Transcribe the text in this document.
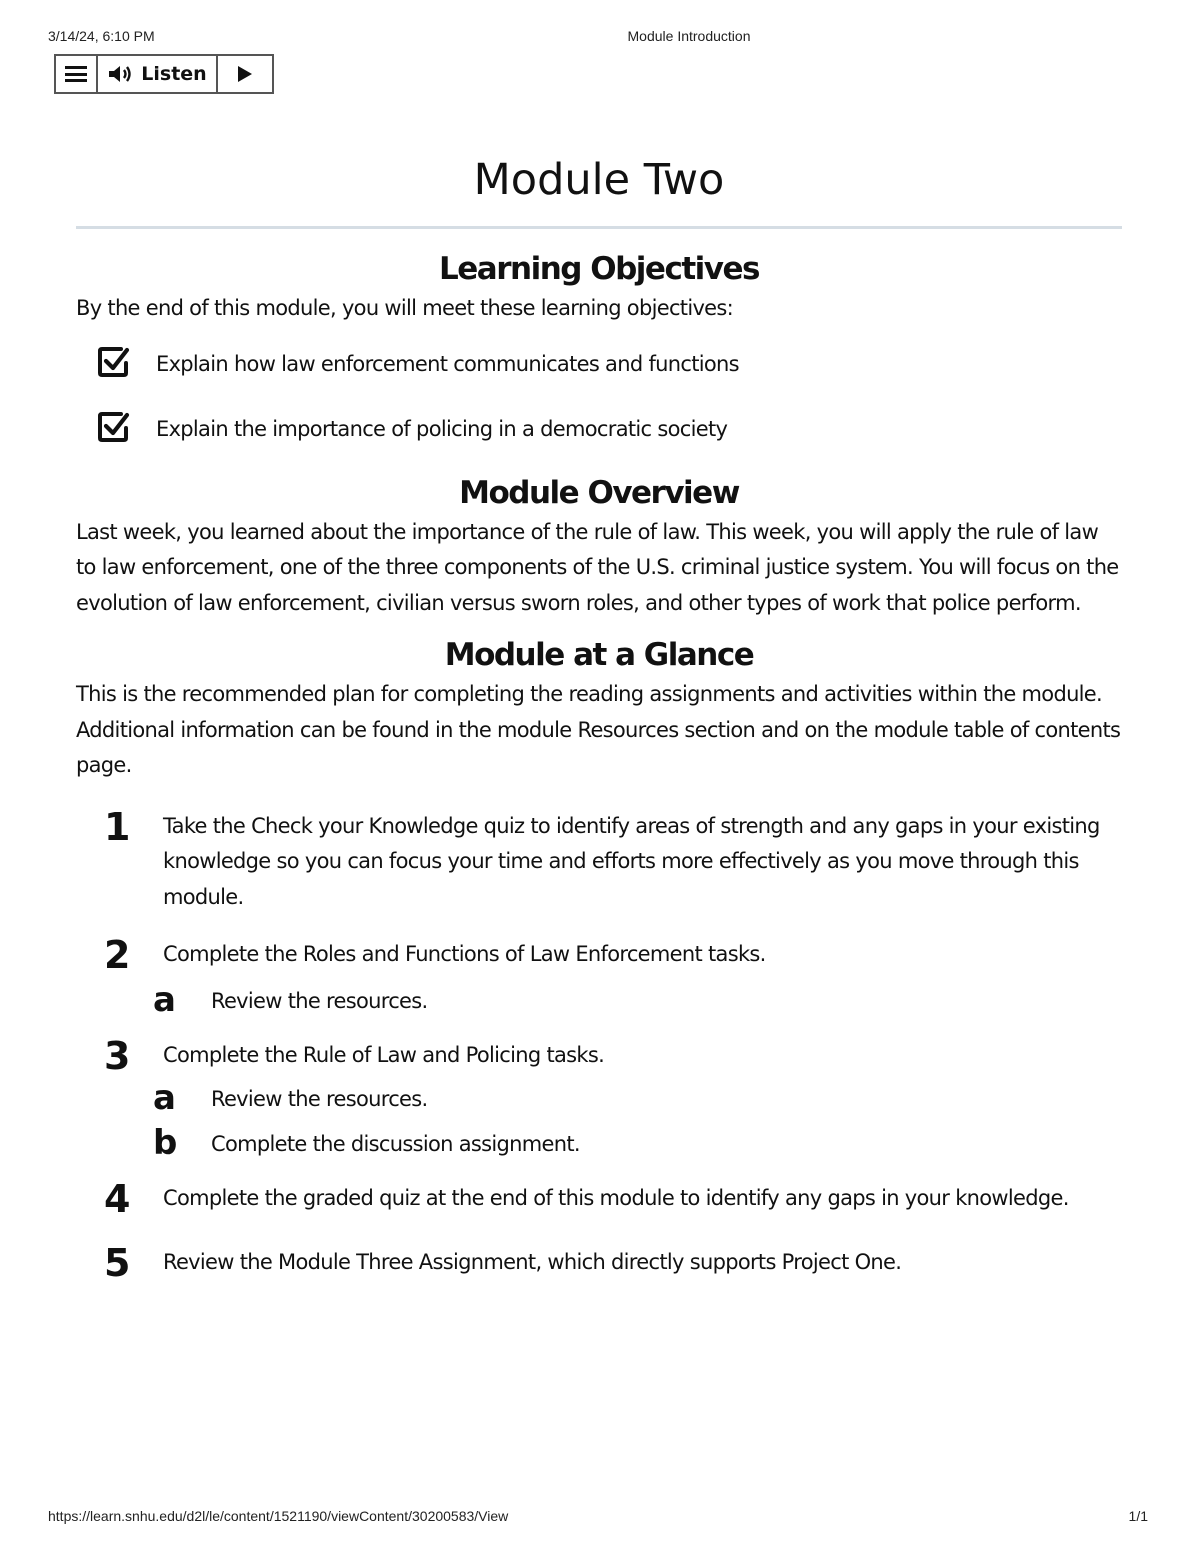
3/14/24, 6:10 PM	Module Introduction
Listen
Module Two
Learning Objectives

By the end of this module, you will meet these learning objectives:

Explain how law enforcement communicates and functions
Explain the importance of policing in a democratic society
Module Overview

Last week, you learned about the importance of the rule of law. This week, you will apply the rule of law to law enforcement, one of the three components of the U.S. criminal justice system. You will focus on the evolution of law enforcement, civilian versus sworn roles, and other types of work that police perform.

Module at a Glance

This is the recommended plan for completing the reading assignments and activities within the module. Additional information can be found in the module Resources section and on the module table of contents page.

1 Take the Check your Knowledge quiz to identify areas of strength and any gaps in your existing knowledge so you can focus your time and efforts more effectively as you move through this module.
2 Complete the Roles and Functions of Law Enforcement tasks.
a Review the resources.
3 Complete the Rule of Law and Policing tasks.
a Review the resources.
b Complete the discussion assignment.
4 Complete the graded quiz at the end of this module to identify any gaps in your knowledge.
5 Review the Module Three Assignment, which directly supports Project One.
https://learn.snhu.edu/d2l/le/content/1521190/viewContent/30200583/View	1/1
